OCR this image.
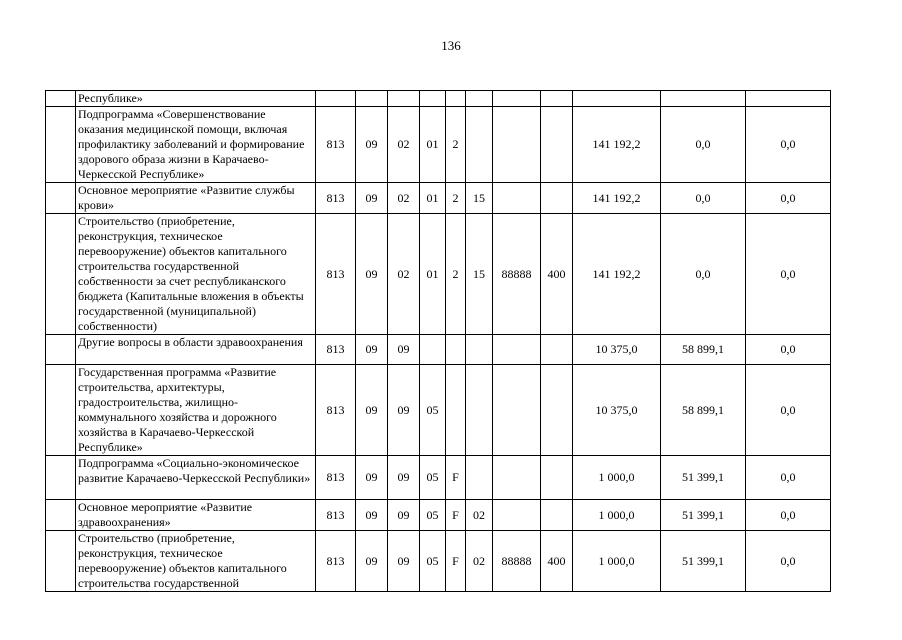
136
	Республике»											
	Подпрограмма «Совершенствование оказания медицинской помощи, включая профилактику заболеваний и формирование здорового образа жизни в Карачаево-Черкесской Республике»	813	09	02	01	2				141 192,2	0,0	0,0
	Основное мероприятие «Развитие службы крови»	813	09	02	01	2	15			141 192,2	0,0	0,0
	Строительство (приобретение, реконструкция, техническое перевооружение) объектов капитального строительства государственной собственности за счет республиканского бюджета (Капитальные вложения в объекты государственной (муниципальной) собственности)	813	09	02	01	2	15	88888	400	141 192,2	0,0	0,0
	Другие вопросы в области здравоохранения	813	09	09						10 375,0	58 899,1	0,0
	Государственная программа «Развитие строительства, архитектуры, градостроительства, жилищно-коммунального хозяйства и дорожного хозяйства в Карачаево-Черкесской Республике»	813	09	09	05					10 375,0	58 899,1	0,0
	Подпрограмма «Социально-экономическое развитие Карачаево-Черкесской Республики»	813	09	09	05	F				1 000,0	51 399,1	0,0
	Основное мероприятие «Развитие здравоохранения»	813	09	09	05	F	02			1 000,0	51 399,1	0,0
	Строительство (приобретение, реконструкция, техническое перевооружение) объектов капитального строительства государственной	813	09	09	05	F	02	88888	400	1 000,0	51 399,1	0,0
